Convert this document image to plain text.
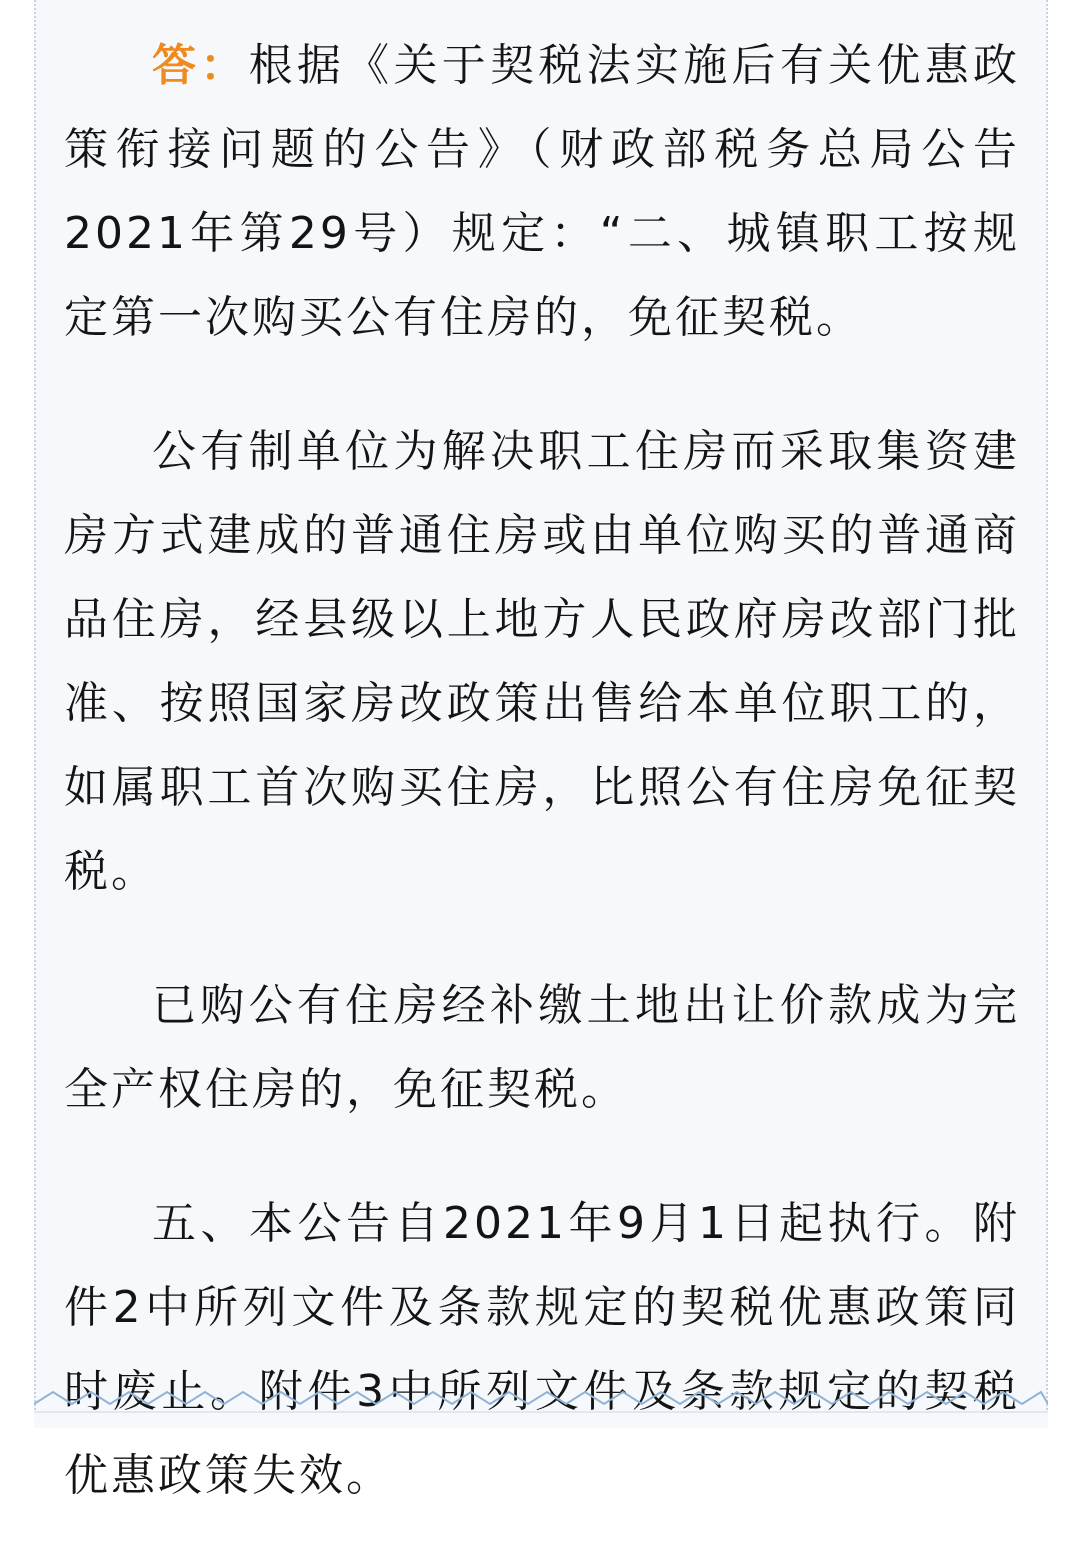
答：根据《关于契税法实施后有关优惠政策衔接问题的公告》（财政部税务总局公告2021年第29号）规定：“二、城镇职工按规定第一次购买公有住房的，免征契税。

公有制单位为解决职工住房而采取集资建房方式建成的普通住房或由单位购买的普通商品住房，经县级以上地方人民政府房改部门批准、按照国家房改政策出售给本单位职工的，如属职工首次购买住房，比照公有住房免征契税。

已购公有住房经补缴土地出让价款成为完全产权住房的，免征契税。

五、本公告自2021年9月1日起执行。附件2中所列文件及条款规定的契税优惠政策同时废止。附件3中所列文件及条款规定的契税优惠政策失效。
